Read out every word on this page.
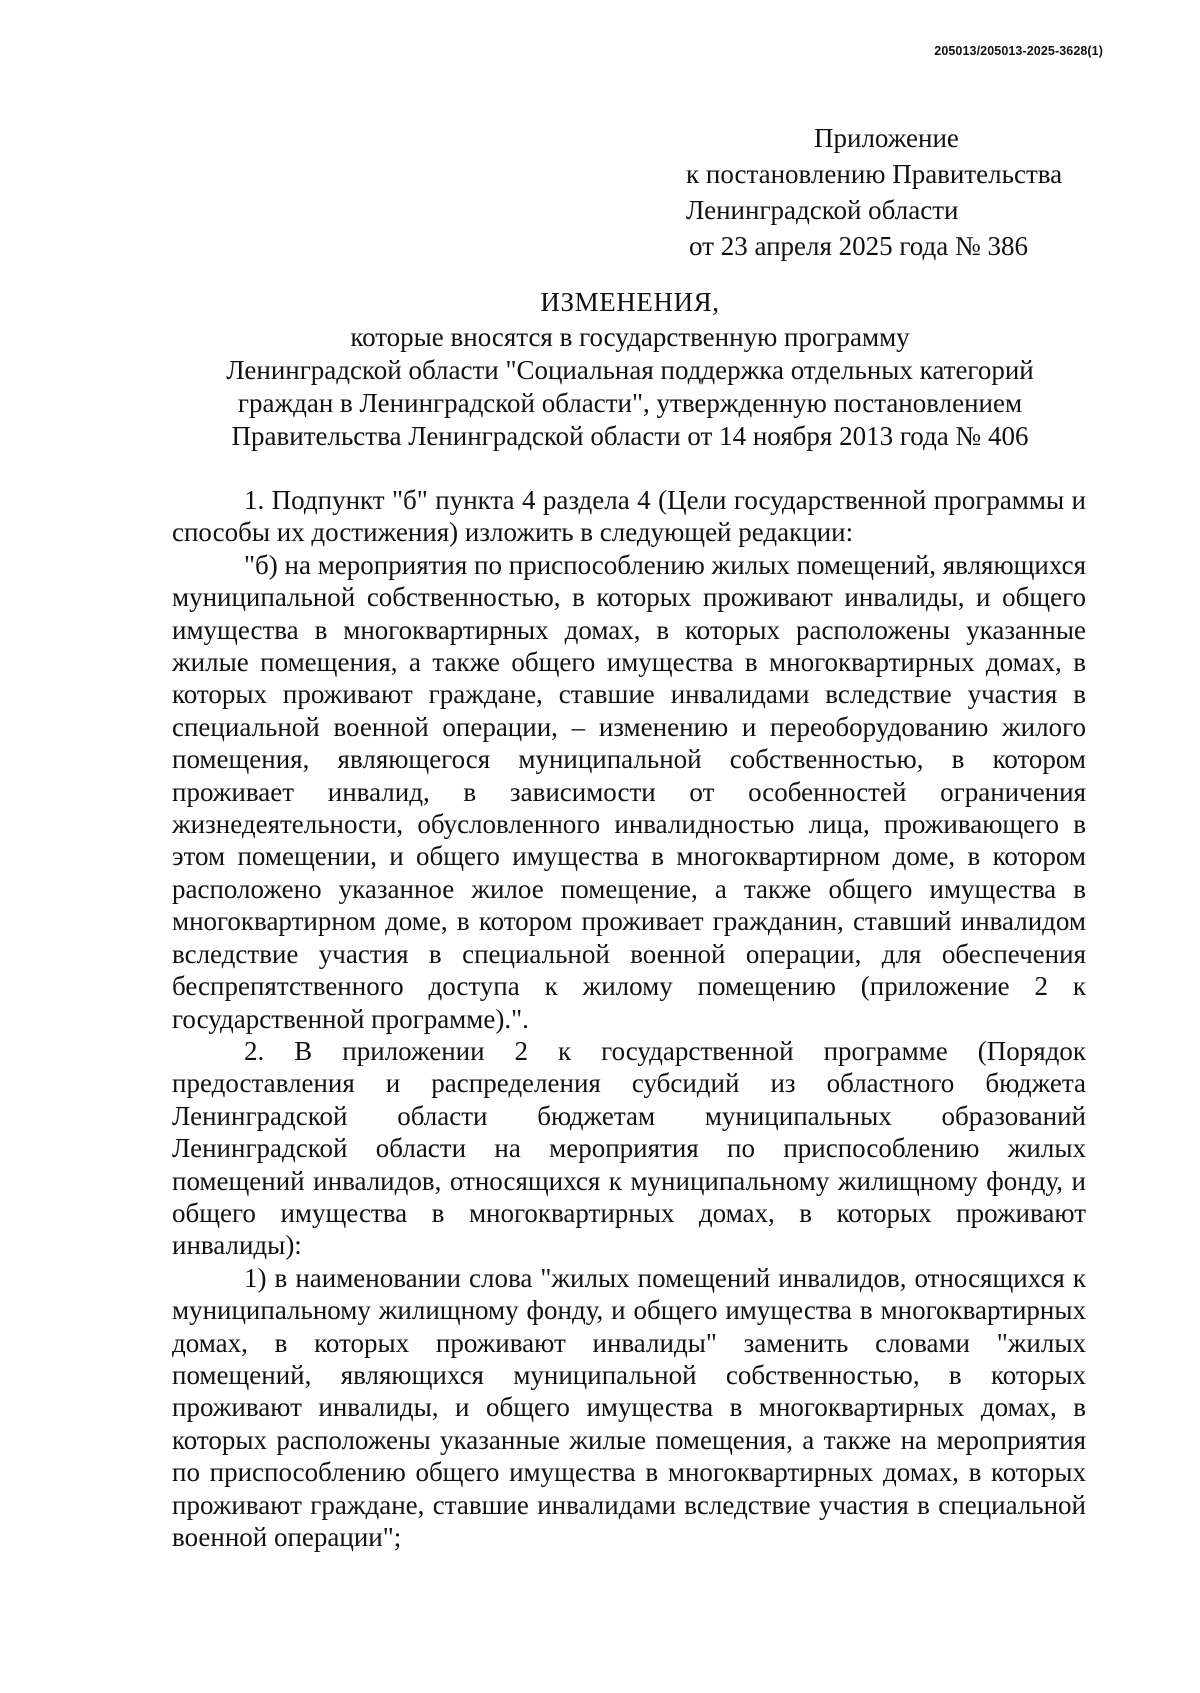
205013/205013-2025-3628(1)
Приложение
к постановлению Правительства
Ленинградской области
от 23 апреля 2025 года № 386
ИЗМЕНЕНИЯ,
которые вносятся в государственную программу
Ленинградской области "Социальная поддержка отдельных категорий
граждан в Ленинградской области", утвержденную постановлением
Правительства Ленинградской области от 14 ноября 2013 года № 406

1. Подпункт "б" пункта 4 раздела 4 (Цели государственной программы и способы их достижения) изложить в следующей редакции:

"б) на мероприятия по приспособлению жилых помещений, являющихся муниципальной собственностью, в которых проживают инвалиды, и общего имущества в многоквартирных домах, в которых расположены указанные жилые помещения, а также общего имущества в многоквартирных домах, в которых проживают граждане, ставшие инвалидами вследствие участия в специальной военной операции, – изменению и переоборудованию жилого помещения, являющегося муниципальной собственностью, в котором проживает инвалид, в зависимости от особенностей ограничения жизнедеятельности, обусловленного инвалидностью лица, проживающего в этом помещении, и общего имущества в многоквартирном доме, в котором расположено указанное жилое помещение, а также общего имущества в многоквартирном доме, в котором проживает гражданин, ставший инвалидом вследствие участия в специальной военной операции, для обеспечения беспрепятственного доступа к жилому помещению (приложение 2 к государственной программе).".

2. В приложении 2 к государственной программе (Порядок предоставления и распределения субсидий из областного бюджета Ленинградской области бюджетам муниципальных образований Ленинградской области на мероприятия по приспособлению жилых помещений инвалидов, относящихся к муниципальному жилищному фонду, и общего имущества в многоквартирных домах, в которых проживают инвалиды):

1) в наименовании слова "жилых помещений инвалидов, относящихся к муниципальному жилищному фонду, и общего имущества в многоквартирных домах, в которых проживают инвалиды" заменить словами "жилых помещений, являющихся муниципальной собственностью, в которых проживают инвалиды, и общего имущества в многоквартирных домах, в которых расположены указанные жилые помещения, а также на мероприятия по приспособлению общего имущества в многоквартирных домах, в которых проживают граждане, ставшие инвалидами вследствие участия в специальной военной операции";
